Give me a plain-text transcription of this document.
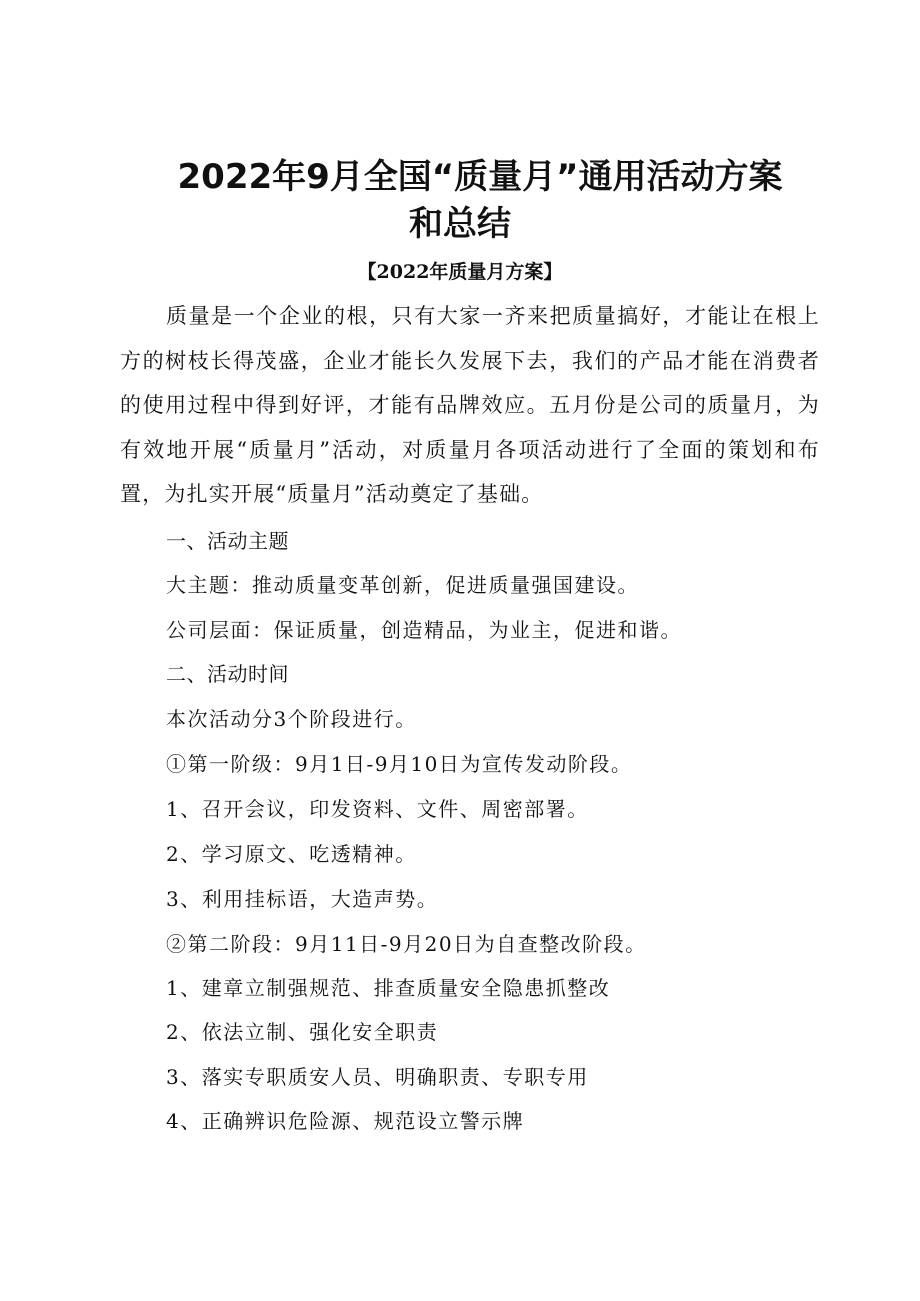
2022年9月全国“质量月”通用活动方案
和总结
【2022年质量月方案】

质量是一个企业的根，只有大家一齐来把质量搞好，才能让在根上方的树枝长得茂盛，企业才能长久发展下去，我们的产品才能在消费者的使用过程中得到好评，才能有品牌效应。五月份是公司的质量月，为有效地开展“质量月”活动，对质量月各项活动进行了全面的策划和布置，为扎实开展“质量月”活动奠定了基础。

一、活动主题
大主题：推动质量变革创新，促进质量强国建设。
公司层面：保证质量，创造精品，为业主，促进和谐。
二、活动时间
本次活动分3个阶段进行。
①第一阶级：9月1日-9月10日为宣传发动阶段。
1、召开会议，印发资料、文件、周密部署。
2、学习原文、吃透精神。
3、利用挂标语，大造声势。
②第二阶段：9月11日-9月20日为自查整改阶段。
1、建章立制强规范、排查质量安全隐患抓整改
2、依法立制、强化安全职责
3、落实专职质安人员、明确职责、专职专用
4、正确辨识危险源、规范设立警示牌
